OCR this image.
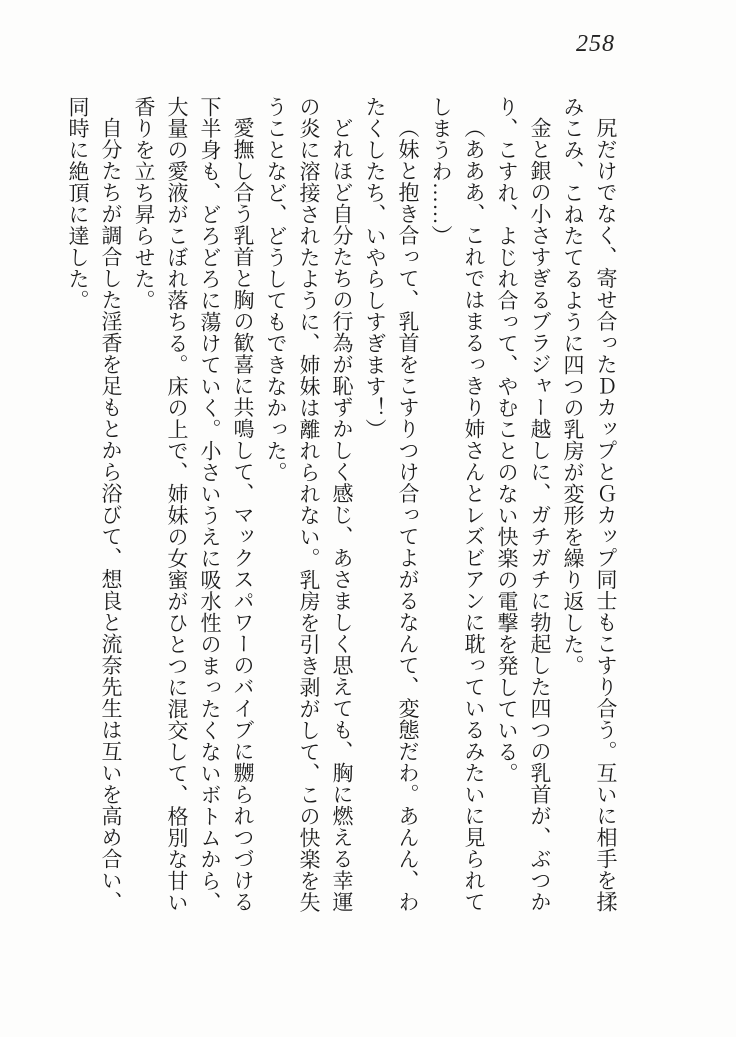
258

尻だけでなく、寄せ合ったＤカップとＧカップ同士もこすり合う。互いに相手を揉みこみ、こねたてるように四つの乳房が変形を繰り返した。

金と銀の小さすぎるブラジャー越しに、ガチガチに勃起した四つの乳首が、ぶつかり、こすれ、よじれ合って、やむことのない快楽の電撃を発している。

（あああ、これではまるっきり姉さんとレズビアンに耽っているみたいに見られてしまうわ……）

（妹と抱き合って、乳首をこすりつけ合ってよがるなんて、変態だわ。あんん、わたくしたち、いやらしすぎます！）

どれほど自分たちの行為が恥ずかしく感じ、あさましく思えても、胸に燃える幸運の炎に溶接されたように、姉妹は離れられない。乳房を引き剥がして、この快楽を失うことなど、どうしてもできなかった。

愛撫し合う乳首と胸の歓喜に共鳴して、マックスパワーのバイブに嬲られつづける下半身も、どろどろに蕩けていく。小さいうえに吸水性のまったくないボトムから、大量の愛液がこぼれ落ちる。床の上で、姉妹の女蜜がひとつに混交して、格別な甘い香りを立ち昇らせた。

自分たちが調合した淫香を足もとから浴びて、想良と流奈先生は互いを高め合い、同時に絶頂に達した。
